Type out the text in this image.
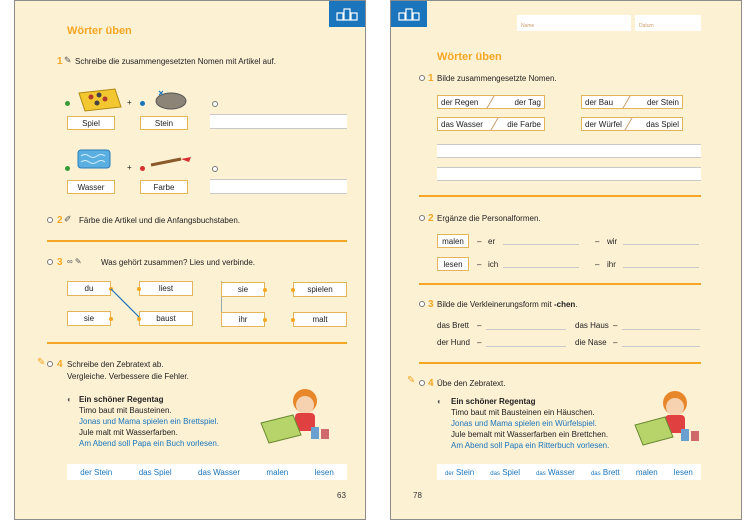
Wörter üben
1 ✎ Schreibe die zusammengesetzten Nomen mit Artikel auf.
+
Spiel	Stein
+
Wasser	Farbe
2 ✐ Färbe die Artikel und die Anfangsbuchstaben.
3 ∞ ✎ Was gehört zusammen? Lies und verbinde.
du
sie
liest
baust
sie
ihr
spielen
malt
✎ 4 Schreibe den Zebratext ab.
Vergleiche. Verbessere die Fehler.
◐ Ein schöner Regentag
Timo baut mit Bausteinen.
Jonas und Mama spielen ein Brettspiel.
Jule malt mit Wasserfarben.
Am Abend soll Papa ein Buch vorlesen.
der Stein	das Spiel	das Wasser	malen	lesen
63
Name	Datum
Wörter üben
1 Bilde zusammengesetzte Nomen.
der Regen	der Tag	der Bau	der Stein
das Wasser	die Farbe	der Würfel	das Spiel
2 Ergänze die Personalformen.
malen	– er	– wir
lesen	– ich	– ihr
3 Bilde die Verkleinerungsform mit -chen.
das Brett –	das Haus –
der Hund –	die Nase –
✎ 4 Übe den Zebratext.
◐ Ein schöner Regentag
Timo baut mit Bausteinen ein Häuschen.
Jonas und Mama spielen ein Würfelspiel.
Jule bemalt mit Wasserfarben ein Brettchen.
Am Abend soll Papa ein Ritterbuch vorlesen.
der Stein	das Spiel	das Wasser	das Brett malen lesen
78
